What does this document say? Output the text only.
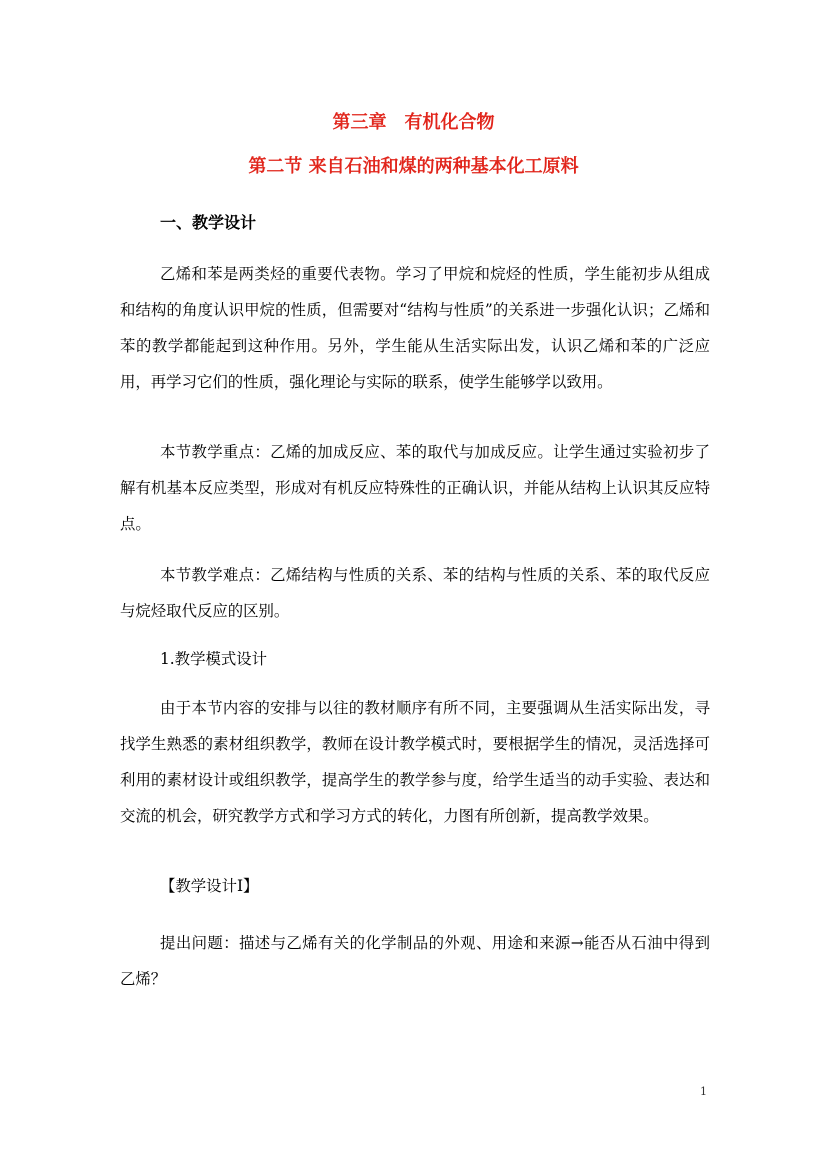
第三章　有机化合物
第二节 来自石油和煤的两种基本化工原料
一、教学设计
乙烯和苯是两类烃的重要代表物。学习了甲烷和烷烃的性质，学生能初步从组成和结构的角度认识甲烷的性质，但需要对“结构与性质”的关系进一步强化认识；乙烯和苯的教学都能起到这种作用。另外，学生能从生活实际出发，认识乙烯和苯的广泛应用，再学习它们的性质，强化理论与实际的联系，使学生能够学以致用。
本节教学重点：乙烯的加成反应、苯的取代与加成反应。让学生通过实验初步了解有机基本反应类型，形成对有机反应特殊性的正确认识，并能从结构上认识其反应特点。
本节教学难点：乙烯结构与性质的关系、苯的结构与性质的关系、苯的取代反应与烷烃取代反应的区别。
1.教学模式设计
由于本节内容的安排与以往的教材顺序有所不同，主要强调从生活实际出发，寻找学生熟悉的素材组织教学，教师在设计教学模式时，要根据学生的情况，灵活选择可利用的素材设计或组织教学，提高学生的教学参与度，给学生适当的动手实验、表达和交流的机会，研究教学方式和学习方式的转化，力图有所创新，提高教学效果。
【教学设计Ⅰ】
提出问题：描述与乙烯有关的化学制品的外观、用途和来源→能否从石油中得到乙烯？
1
